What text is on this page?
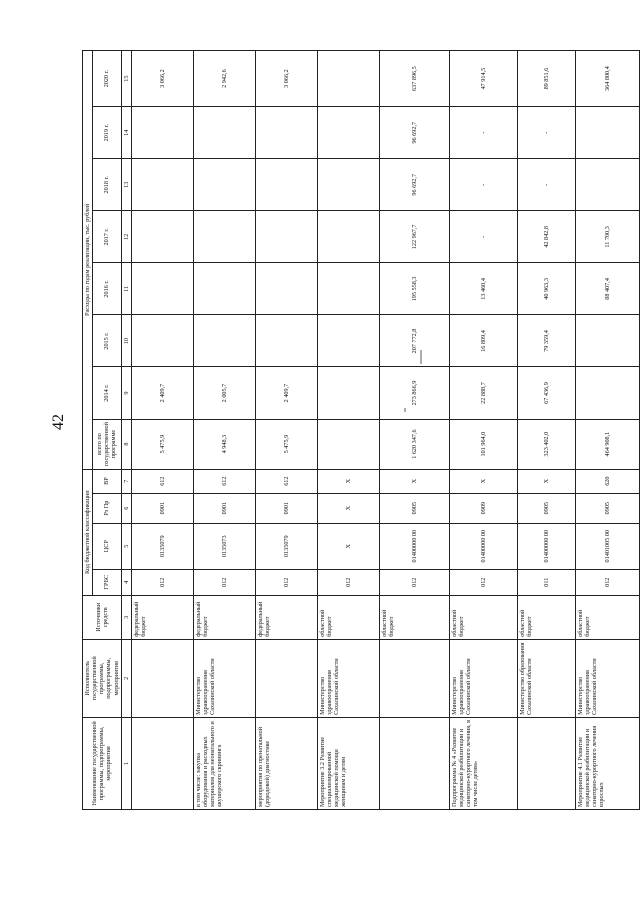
42
Наименование государственной программы, подпрограммы, мероприятия	Исполнитель государственной программы, подпрограммы, мероприятия	Источники средств	Код бюджетной классификации				Расходы по годам реализации, тыс. рублей							
			ГРБС	ЦСР	Рз Пр	ВР	всего по государственной программе	2014 г.	2015 г.	2016 г.	2017 г.	2018 г.	2019 г.	2020 г.

1	2	3	4	5	6	7	8	9	10	11	12	13	14	15
		федеральный бюджет	012	0135079	0901	612	5 475,9	2 409,7						3 066,2
в том числе: закупка оборудования и расходных материалов для неонатального и акушерского скрининга	Министерство здравоохранения Сахалинской области	федеральный бюджет	012	0135073	0901	612	4 948,3	2 005,7						2 942,6
мероприятия по пренатальной (дородовой) диагностике		федеральный бюджет	012	0135079	0901	612	5 475,9	2 409,7						3 066,2
Мероприятие 3.2 Развитие специализированной медицинской помощи женщинам и детям	Министерство здравоохранения Сахалинской области	областной бюджет	012	Х	Х	Х								
		областной бюджет	012	01400000 00	0905	Х	1 620 347,6	273 866,9	207 772,8	195 558,3	122 967,7	96 692,7	96 692,7	637 896,5
Подпрограмма № 4 «Развитие медицинской реабилитации и санаторно-курортного лечения, в том числе детям»	Министерство здравоохранения Сахалинской области	областной бюджет	012	01400000 00	0909	Х	101 964,0	22 888,7	16 809,4	13 460,4	-	-	-	47 914,5
	Министерство образования Сахалинской области	областной бюджет	011	01400000 00	0905	Х	323 402,0	67 436,9	79 359,4	40 963,3	42 842,8	-	-	89 851,6
Мероприятие 4.1 Развитие медицинской реабилитации и санаторно-курортного лечения взрослых	Министерство здравоохранения Сахалинской области	областной бюджет	012	01401005 00	0905	620	464 908,1			88 407,4	11 700,3			364 800,4
